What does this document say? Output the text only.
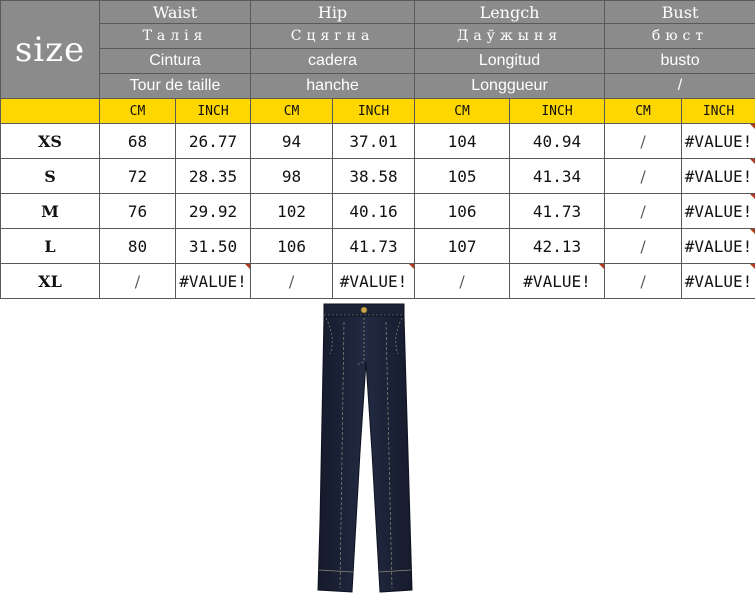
size	Waist		Hip		Lengch		Bust	
	Талія		Сцягна		Даўжыня		бюст	
	Cintura		cadera		Longitud		busto	
	Tour de taille		hanche		Longgueur		/	
	CM	INCH	CM	INCH	CM	INCH	CM	INCH
XS	68	26.77	94	37.01	104	40.94	/	#VALUE!
S	72	28.35	98	38.58	105	41.34	/	#VALUE!
M	76	29.92	102	40.16	106	41.73	/	#VALUE!
L	80	31.50	106	41.73	107	42.13	/	#VALUE!
XL	/	#VALUE!	/	#VALUE!	/	#VALUE!	/	#VALUE!
